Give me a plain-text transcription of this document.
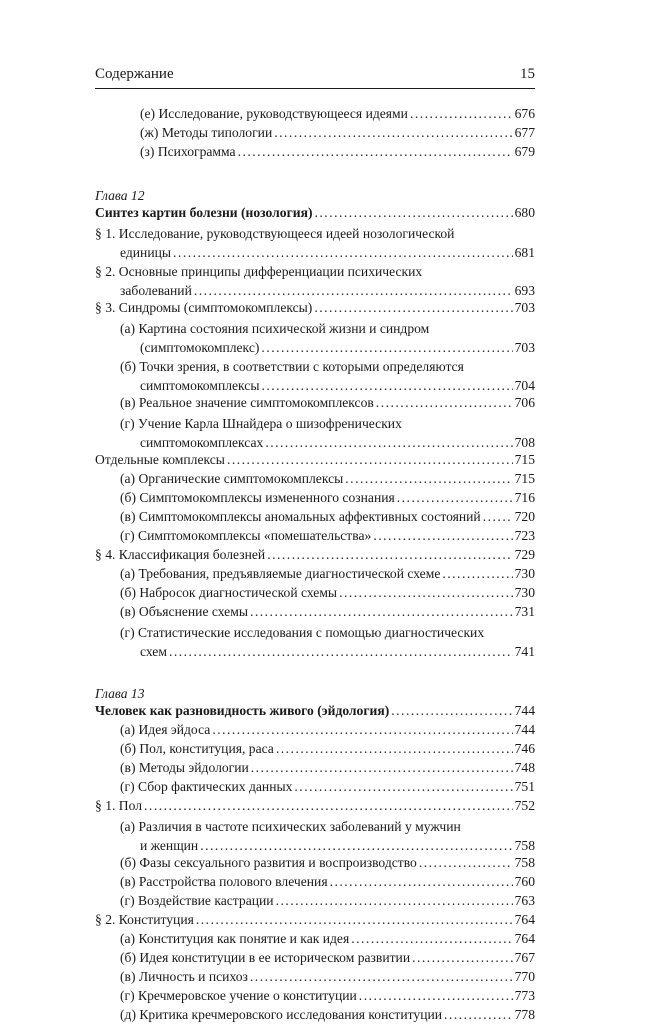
Содержание	15
(е) Исследование, руководствующееся идеями .....	676
(ж) Методы типологии .....	677
(з) Психограмма .....	679
Глава 12
Синтез картин болезни (нозология) .....	680
§ 1. Исследование, руководствующееся идеей нозологической
единицы .....	681
§ 2. Основные принципы дифференциации психических
заболеваний .....	693
§ 3. Синдромы (симптомокомплексы) .....	703
(а) Картина состояния психической жизни и синдром
(симптомокомплекс) .....	703
(б) Точки зрения, в соответствии с которыми определяются
симптомокомплексы .....	704
(в) Реальное значение симптомокомплексов .....	706
(г) Учение Карла Шнайдера о шизофренических
симптомокомплексах .....	708
Отдельные комплексы .....	715
(а) Органические симптомокомплексы .....	715
(б) Симптомокомплексы измененного сознания .....	716
(в) Симптомокомплексы аномальных аффективных состояний ..... 720
(г) Симптомокомплексы «помешательства» .....	723
§ 4. Классификация болезней .....	729
(а) Требования, предъявляемые диагностической схеме .....	730
(б) Набросок диагностической схемы .....	730
(в) Объяснение схемы .....	731
(г) Статистические исследования с помощью диагностических
схем .....	741
Глава 13
Человек как разновидность живого (эйдология) .....	744
(а) Идея эйдоса .....	744
(б) Пол, конституция, раса .....	746
(в) Методы эйдологии .....	748
(г) Сбор фактических данных .....	751
§ 1. Пол .....	752
(а) Различия в частоте психических заболеваний у мужчин
и женщин .....	758
(б) Фазы сексуального развития и воспроизводство .....	758
(в) Расстройства полового влечения .....	760
(г) Воздействие кастрации .....	763
§ 2. Конституция .....	764
(а) Конституция как понятие и как идея .....	764
(б) Идея конституции в ее историческом развитии .....	767
(в) Личность и психоз .....	770
(г) Кречмеровское учение о конституции .....	773
(д) Критика кречмеровского исследования конституции .....	778
